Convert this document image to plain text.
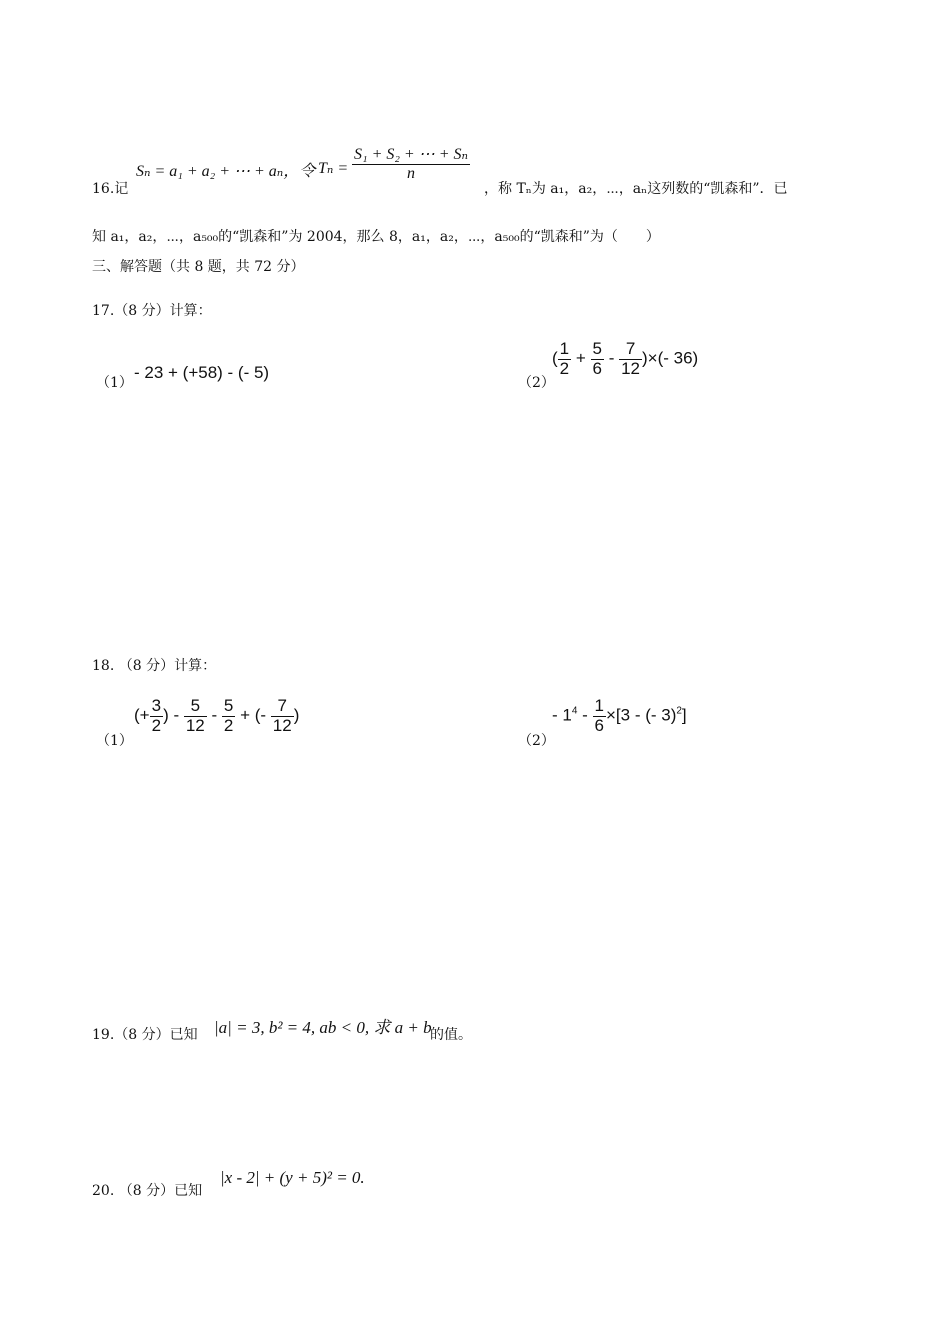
16.记
Sₙ = a₁ + a₂ + ⋯ + aₙ，令 $T_n = \frac{\text{S₁ + S₂ + ⋯ + Sₙ}}{n}$
，称 Tₙ为 a₁，a₂，⋯，aₙ这列数的“凯森和”．已
知 a₁，a₂，⋯，a₅₀₀的“凯森和”为 2004，那么 8，a₁，a₂，⋯，a₅₀₀的“凯森和”为（　　）
三、解答题（共 8 题，共 72 分）
17.（8 分）计算：
（1）
- 23 + (+58) - (- 5)
（2）
( $\frac{1}{2} + \frac{5}{6} - \frac{7}{12}$ )×(- 36)
18. （8 分）计算：
（1）
(+ $\frac{3}{2}$ ) - $\frac{5}{12} - \frac{5}{2}$ + (- $\frac{7}{12}$ )
（2）
- $1^4 - \frac{1}{6} \times[3$ - (- 3)$^2$]
19.（8 分）已知 |a| = 3, b² = 4, ab < 0, 求 a + b
的值。
20. （8 分）已知
|x - 2| + (y + 5)² = 0.
